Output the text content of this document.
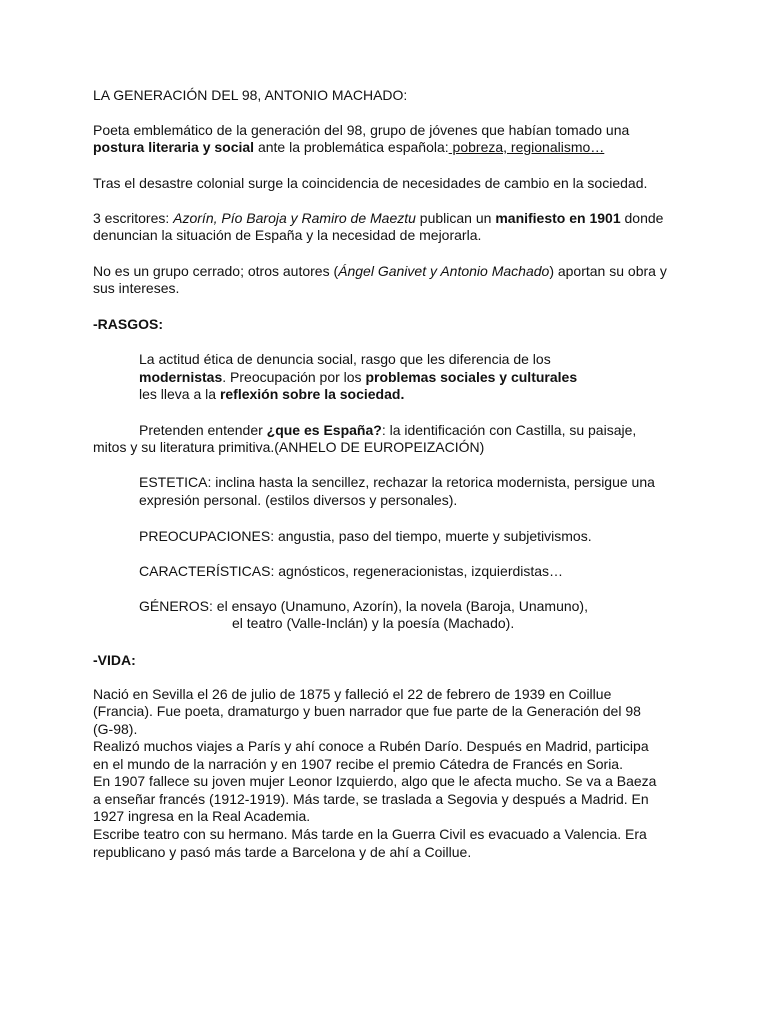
LA GENERACIÓN DEL 98, ANTONIO MACHADO:
Poeta emblemático de la generación del 98, grupo de jóvenes que habían tomado una
postura literaria y social ante la problemática española: pobreza, regionalismo…
Tras el desastre colonial surge la coincidencia de necesidades de cambio en la sociedad.
3 escritores: Azorín, Pío Baroja y Ramiro de Maeztu publican un manifiesto en 1901 donde
denuncian la situación de España y la necesidad de mejorarla.
No es un grupo cerrado; otros autores (Ángel Ganivet y Antonio Machado) aportan su obra y
sus intereses.
-RASGOS:
La actitud ética de denuncia social, rasgo que les diferencia de los
modernistas. Preocupación por los problemas sociales y culturales
les lleva a la reflexión sobre la sociedad.
Pretenden entender ¿que es España?: la identificación con Castilla, su paisaje,
mitos y su literatura primitiva.(ANHELO DE EUROPEIZACIÓN)
ESTETICA: inclina hasta la sencillez, rechazar la retorica modernista, persigue una
expresión personal. (estilos diversos y personales).
PREOCUPACIONES: angustia, paso del tiempo, muerte y subjetivismos.
CARACTERÍSTICAS: agnósticos, regeneracionistas, izquierdistas…
GÉNEROS: el ensayo (Unamuno, Azorín), la novela (Baroja, Unamuno),
el teatro (Valle-Inclán) y la poesía (Machado).
-VIDA:
Nació en Sevilla el 26 de julio de 1875 y falleció el 22 de febrero de 1939 en Coillue
(Francia). Fue poeta, dramaturgo y buen narrador que fue parte de la Generación del 98
(G-98).
Realizó muchos viajes a París y ahí conoce a Rubén Darío. Después en Madrid, participa
en el mundo de la narración y en 1907 recibe el premio Cátedra de Francés en Soria.
En 1907 fallece su joven mujer Leonor Izquierdo, algo que le afecta mucho. Se va a Baeza
a enseñar francés (1912-1919). Más tarde, se traslada a Segovia y después a Madrid. En
1927 ingresa en la Real Academia.
Escribe teatro con su hermano. Más tarde en la Guerra Civil es evacuado a Valencia. Era
republicano y pasó más tarde a Barcelona y de ahí a Coillue.
